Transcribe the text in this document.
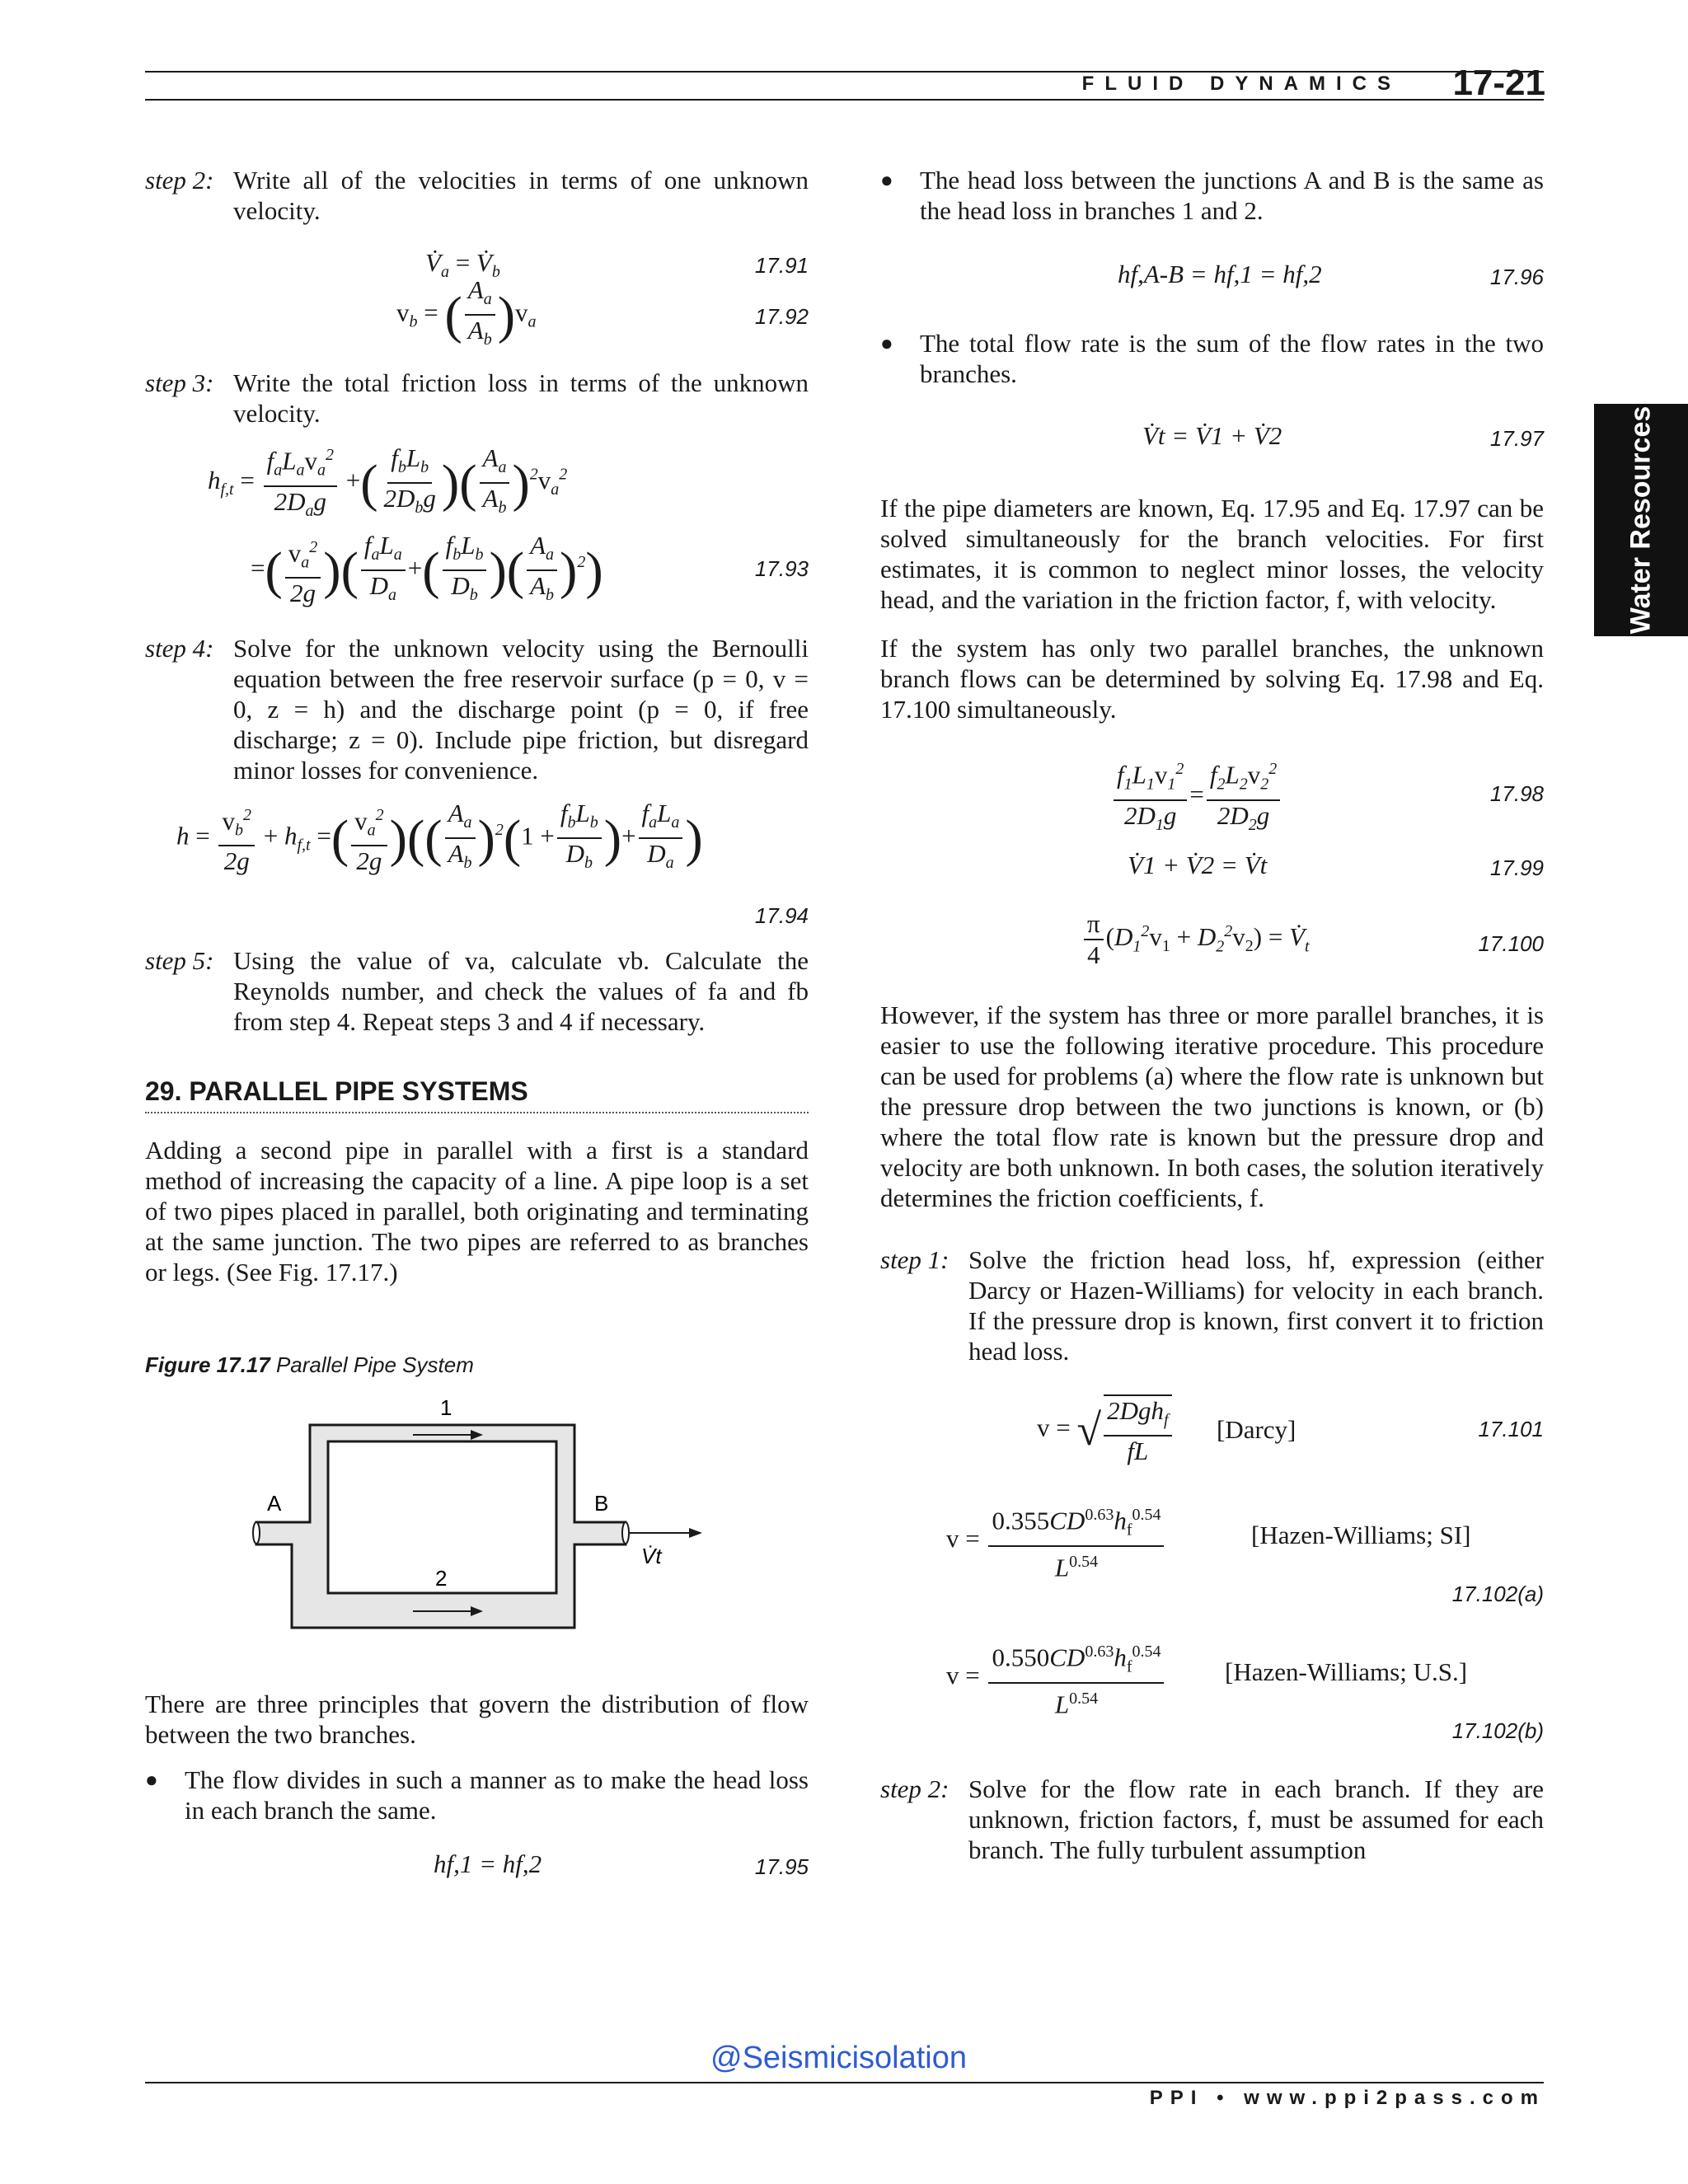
FLUID DYNAMICS	17-21
Water Resources
step 2: Write all of the velocities in terms of one unknown velocity.
$V̇_a$ = $V̇_b$	17.91
$v_b$ = ( $\frac{A_a}{A_b} )v_a$	17.92
step 3: Write the total friction loss in terms of the unknown velocity.
$h_{f,t} = \frac{f_aL_av_a^2}{2D_ag}$ +( $\frac{f_bL_b}{2D_bg}$ )( $\frac{A_a}{A_b} )^2v_a^2$
=( $\frac{v_a^2}{2g}$ )( $\frac{f_aL_a}{D_a}$ +( $\frac{f_bL_b}{D_b}$ )( $\frac{A_a}{A_b} )^2$)	17.93
step 4: Solve for the unknown velocity using the Bernoulli equation between the free reservoir surface (p = 0, v = 0, z = h) and the discharge point (p = 0, if free discharge; z = 0). Include pipe friction, but disregard minor losses for convenience.
$h = \frac{v_b^2}{2g} + h_{f,t}$ =( $\frac{v_a^2}{2g}$ )(( $\frac{A_a}{A_b} )^2(1 + \frac{f_bL_b}{D_b}$ )+ $\frac{f_aL_a}{D_a}$ )
17.94
step 5: Using the value of va, calculate vb. Calculate the Reynolds number, and check the values of fa and fb from step 4. Repeat steps 3 and 4 if necessary.
29. PARALLEL PIPE SYSTEMS

Adding a second pipe in parallel with a first is a standard method of increasing the capacity of a line. A pipe loop is a set of two pipes placed in parallel, both originating and terminating at the same junction. The two pipes are referred to as branches or legs. (See Fig. 17.17.)

Figure 17.17 Parallel Pipe System
1
2
A	B
V̇t

There are three principles that govern the distribution of flow between the two branches.

●	The flow divides in such a manner as to make the head loss in each branch the same.
hf,1 = hf,2	17.95
●	The head loss between the junctions A and B is the same as the head loss in branches 1 and 2.
hf,A-B = hf,1 = hf,2	17.96
●	The total flow rate is the sum of the flow rates in the two branches.
V̇t = V̇1 + V̇2	17.97

If the pipe diameters are known, Eq. 17.95 and Eq. 17.97 can be solved simultaneously for the branch velocities. For first estimates, it is common to neglect minor losses, the velocity head, and the variation in the friction factor, f, with velocity.

If the system has only two parallel branches, the unknown branch flows can be determined by solving Eq. 17.98 and Eq. 17.100 simultaneously.

$\frac{f_1L_1v_1^2}{2D_1g} = \frac{f_2L_2v_2^2}{2D_2g}$	17.98
V̇1 + V̇2 = V̇t	17.99
$\frac{\pi}{4} (D_1^2v_1 + D_2^2v_2)$ = $V̇_t$	17.100

However, if the system has three or more parallel branches, it is easier to use the following iterative procedure. This procedure can be used for problems (a) where the flow rate is unknown but the pressure drop between the two junctions is known, or (b) where the total flow rate is known but the pressure drop and velocity are both unknown. In both cases, the solution iteratively determines the friction coefficients, f.

step 1: Solve the friction head loss, hf, expression (either Darcy or Hazen-Williams) for velocity in each branch. If the pressure drop is known, first convert it to friction head loss.
v = √ $\frac{2Dgh_f}{fL}$ [Darcy]	17.101
$v = \frac{0.355CD^{0.63}h_f^{0.54}}{L^{0.54}}$	[Hazen-Williams; SI]
17.102(a)
$v = \frac{0.550CD^{0.63}h_f^{0.54}}{L^{0.54}}$ [Hazen-Williams; U.S.]
17.102(b)
step 2: Solve for the flow rate in each branch. If they are unknown, friction factors, f, must be assumed for each branch. The fully turbulent assumption
@Seismicisolation
PPI • www.ppi2pass.com
